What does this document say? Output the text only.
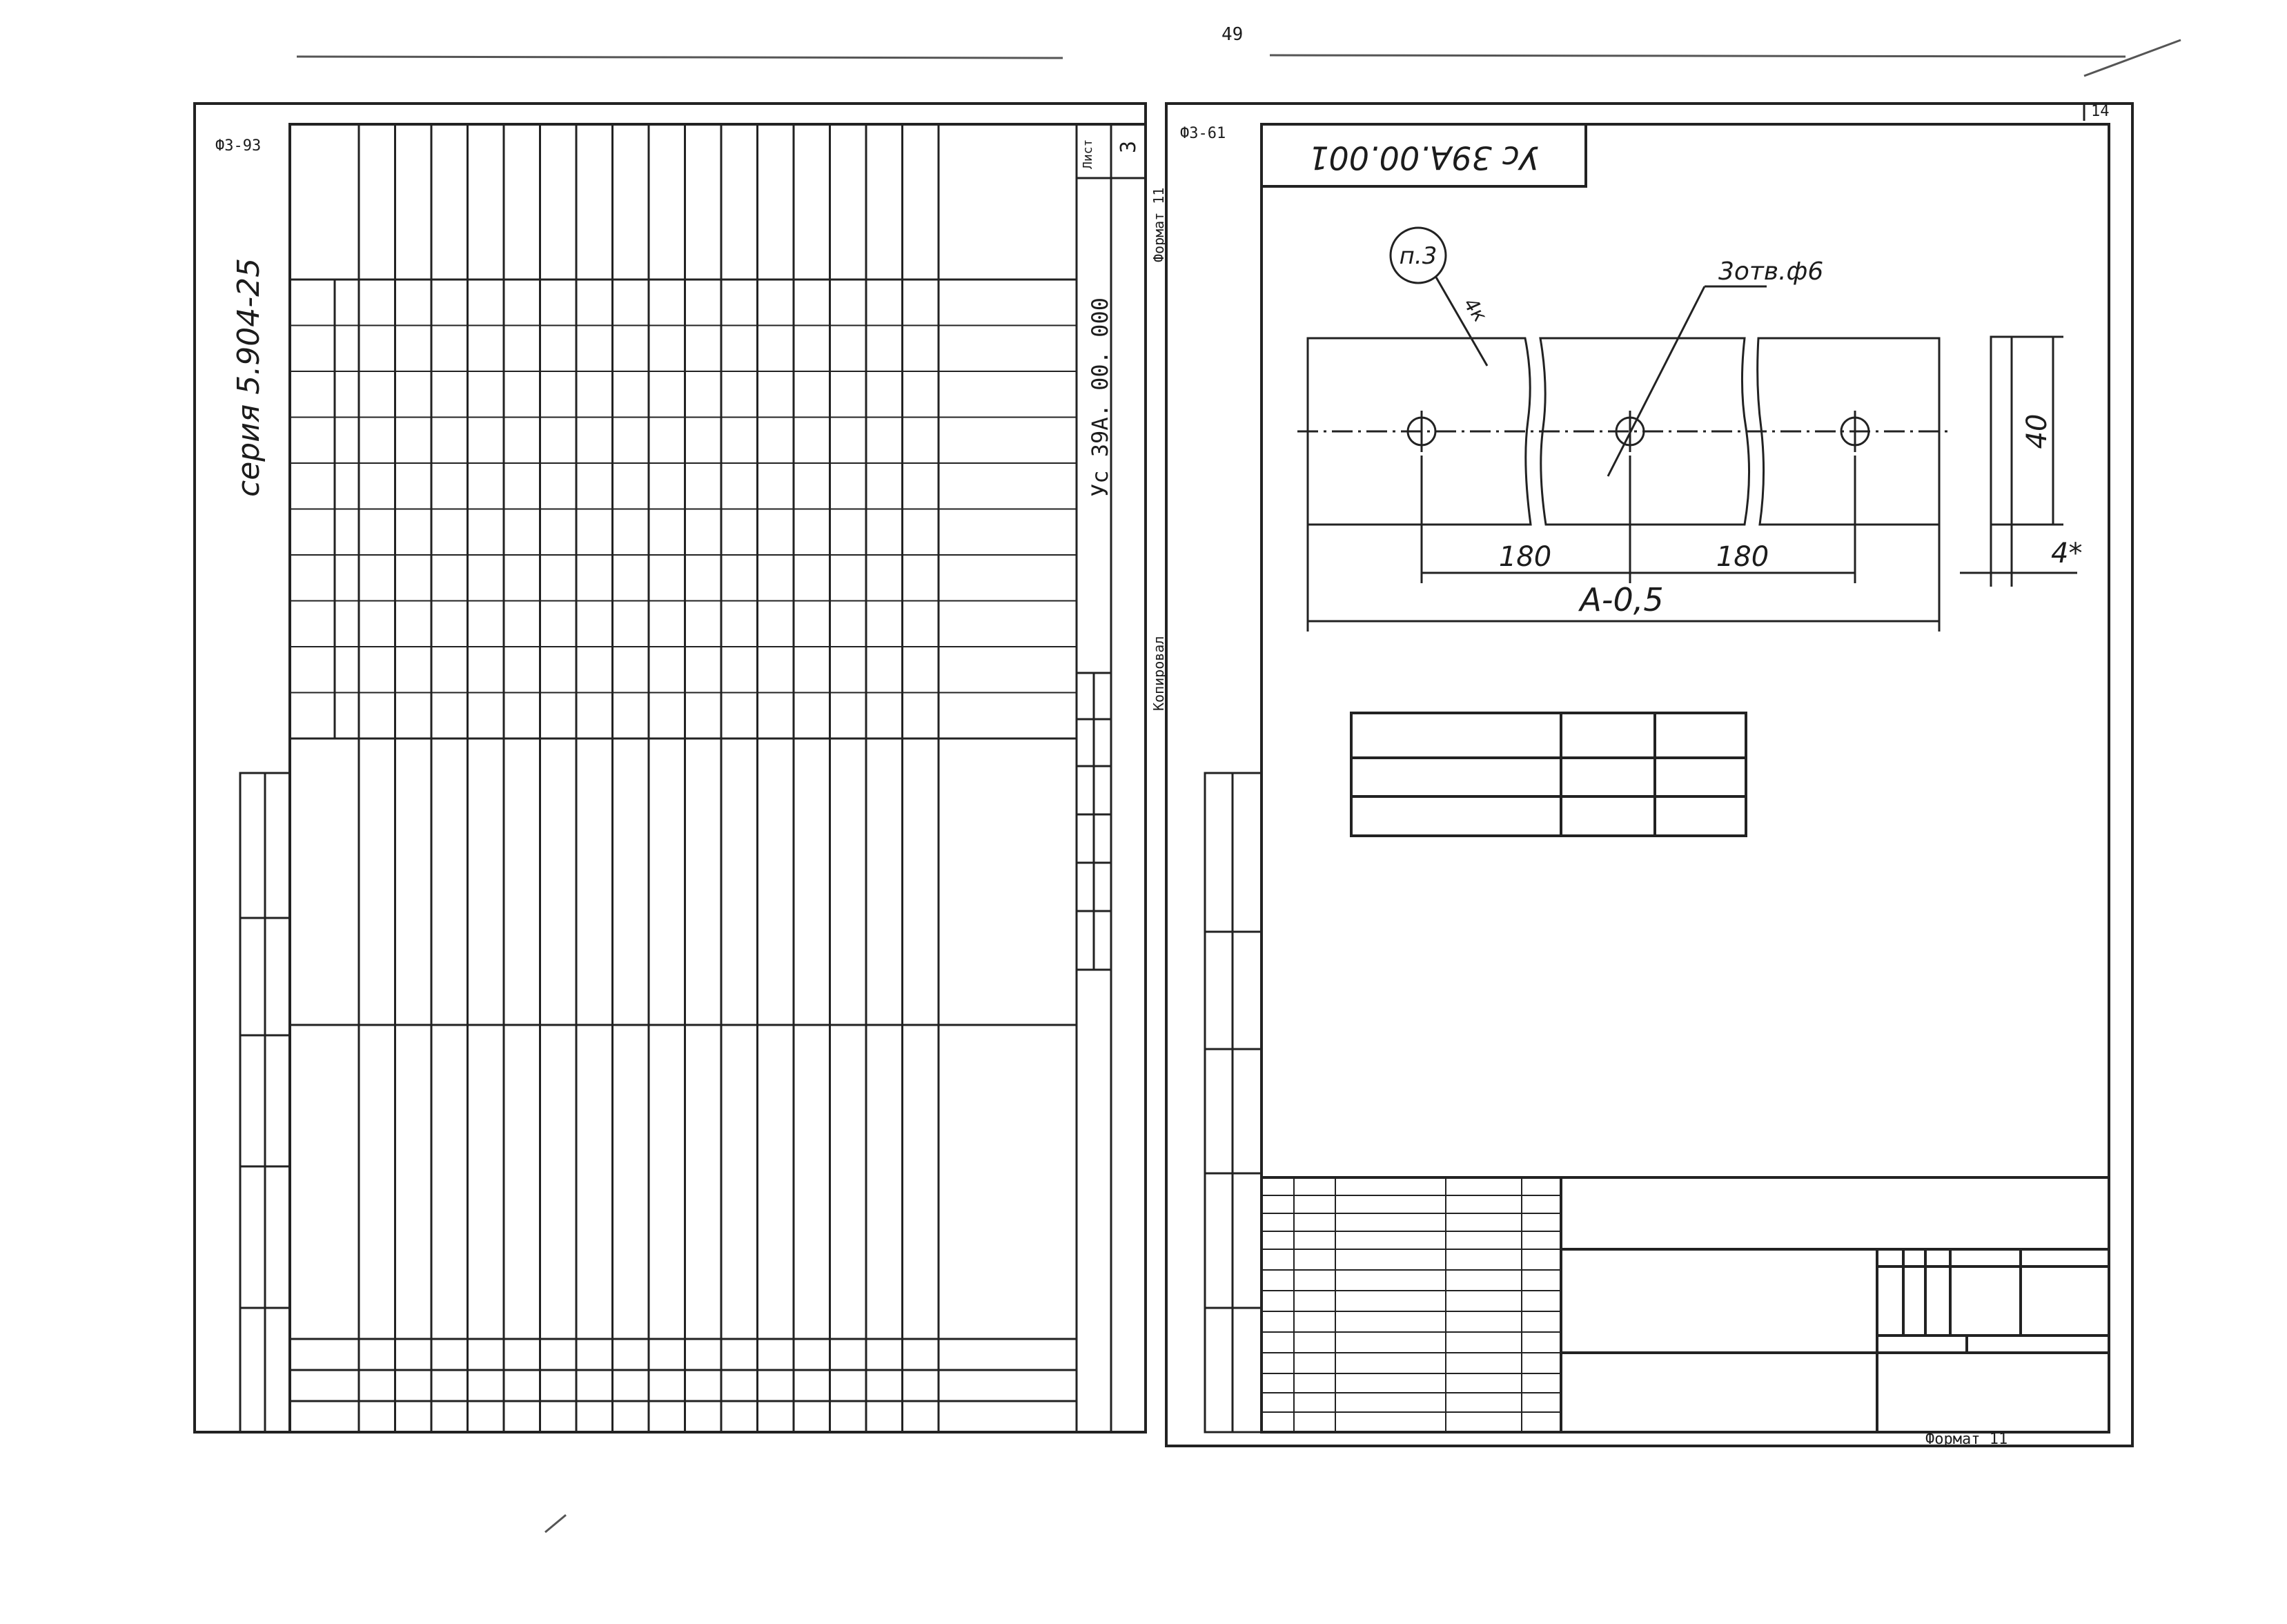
49
ФЗ-93
серия 5.904-25
Лист 3
Ус 39А. 00. 000
Формат 11
Копировал
14
ФЗ-61
Ус 39А.00.001
п.3
4к
3отв.ф6
180	180
А-0,5
40
4*
Формат 11
